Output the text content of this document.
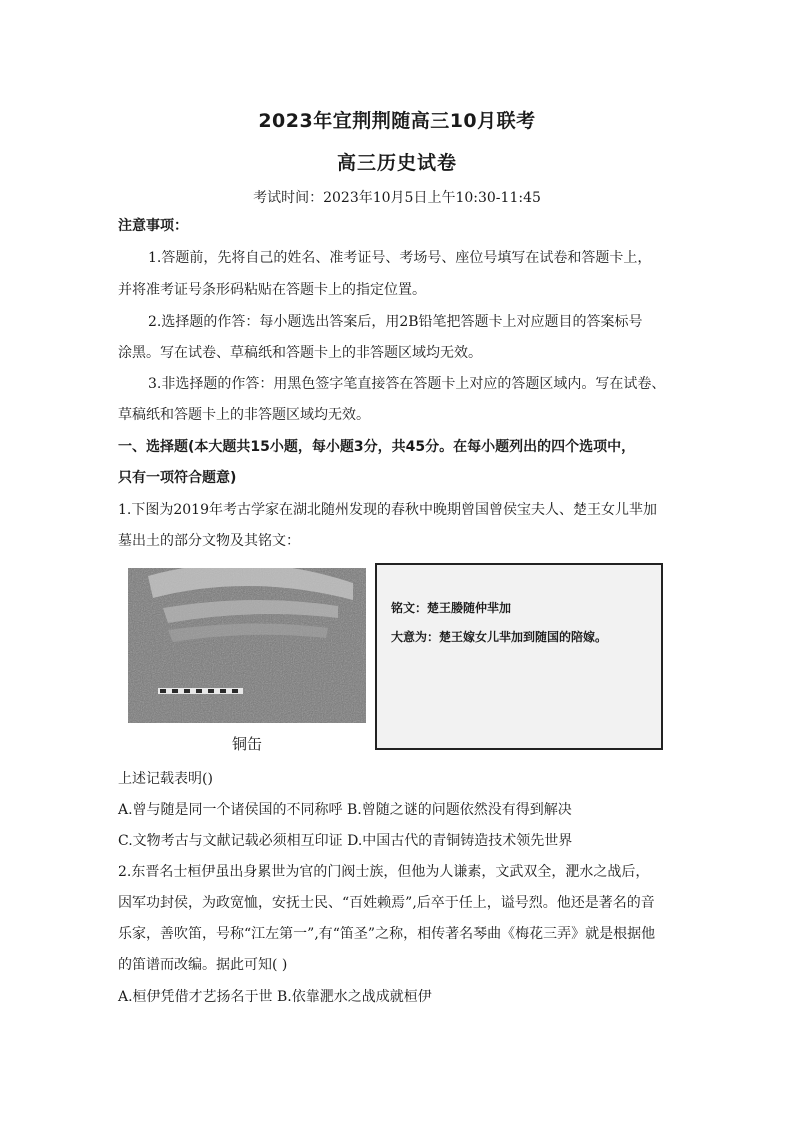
2023年宜荆荆随高三10月联考
高三历史试卷
考试时间：2023年10月5日上午10:30-11:45
注意事项：
1.答题前，先将自己的姓名、准考证号、考场号、座位号填写在试卷和答题卡上，
并将准考证号条形码粘贴在答题卡上的指定位置。
2.选择题的作答：每小题选出答案后，用2B铅笔把答题卡上对应题目的答案标号
涂黑。写在试卷、草稿纸和答题卡上的非答题区域均无效。
3.非选择题的作答：用黑色签字笔直接答在答题卡上对应的答题区域内。写在试卷、
草稿纸和答题卡上的非答题区域均无效。
一、选择题(本大题共15小题，每小题3分，共45分。在每小题列出的四个选项中，
只有一项符合题意)
1.下图为2019年考古学家在湖北随州发现的春秋中晚期曾国曾侯宝夫人、楚王女儿芈加
墓出土的部分文物及其铭文：
铭文：楚王媵随仲芈加
大意为：楚王嫁女儿芈加到随国的陪嫁。
铜缶
上述记载表明()
A.曾与随是同一个诸侯国的不同称呼 B.曾随之谜的问题依然没有得到解决
C.文物考古与文献记载必须相互印证 D.中国古代的青铜铸造技术领先世界
2.东晋名士桓伊虽出身累世为官的门阀士族，但他为人谦素，文武双全，淝水之战后，
因军功封侯，为政宽恤，安抚士民、“百姓赖焉”,后卒于任上，谥号烈。他还是著名的音
乐家，善吹笛，号称“江左第一”,有“笛圣”之称，相传著名琴曲《梅花三弄》就是根据他
的笛谱而改编。据此可知( )
A.桓伊凭借才艺扬名于世 B.依靠淝水之战成就桓伊
